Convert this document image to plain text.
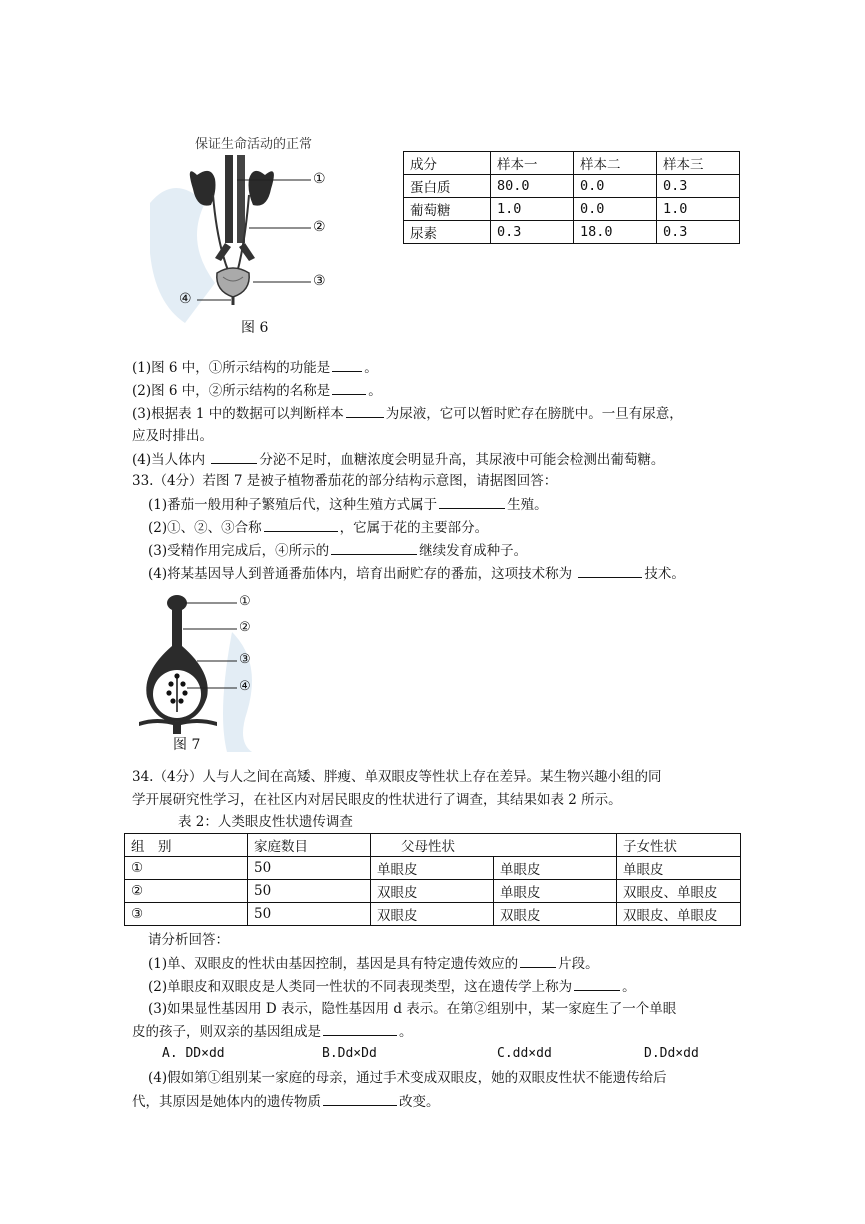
保证生命活动的正常
①
②
③
④
图 6
成分	样本一	样本二	样本三
蛋白质	80.0	0.0	0.3
葡萄糖	1.0	0.0	1.0
尿素	0.3	18.0	0.3
(1)图 6 中，①所示结构的功能是	。
(2)图 6 中，②所示结构的名称是	。
(3)根据表 1 中的数据可以判断样本	为尿液，它可以暂时贮存在膀胱中。一旦有尿意，
应及时排出。
(4)当人体内	分泌不足时，血糖浓度会明显升高，其尿液中可能会检测出葡萄糖。
33.（4分）若图 7 是被子植物番茄花的部分结构示意图，请据图回答：
(1)番茄一般用种子繁殖后代，这种生殖方式属于	生殖。
(2)①、②、③合称	，它属于花的主要部分。
(3)受精作用完成后，④所示的	继续发育成种子。
(4)将某基因导人到普通番茄体内，培育出耐贮存的番茄，这项技术称为	技术。
①
②
③
④
图 7
34.（4分）人与人之间在高矮、胖瘦、单双眼皮等性状上存在差异。某生物兴趣小组的同
学开展研究性学习，在社区内对居民眼皮的性状进行了调查，其结果如表 2 所示。
表 2：人类眼皮性状遗传调查
组　别	家庭数目	父母性状		子女性状
①	50	单眼皮	单眼皮	单眼皮
②	50	双眼皮	单眼皮	双眼皮、单眼皮
③	50	双眼皮	双眼皮	双眼皮、单眼皮
请分析回答：
(1)单、双眼皮的性状由基因控制，基因是具有特定遗传效应的	片段。
(2)单眼皮和双眼皮是人类同一性状的不同表现类型，这在遗传学上称为	。
(3)如果显性基因用 D 表示，隐性基因用 d 表示。在第②组别中，某一家庭生了一个单眼
皮的孩子，则双亲的基因组成是	。
A. DD×dd	B.Dd×Dd	C.dd×dd	D.Dd×dd
(4)假如第①组别某一家庭的母亲，通过手术变成双眼皮，她的双眼皮性状不能遗传给后
代，其原因是她体内的遗传物质	改变。
